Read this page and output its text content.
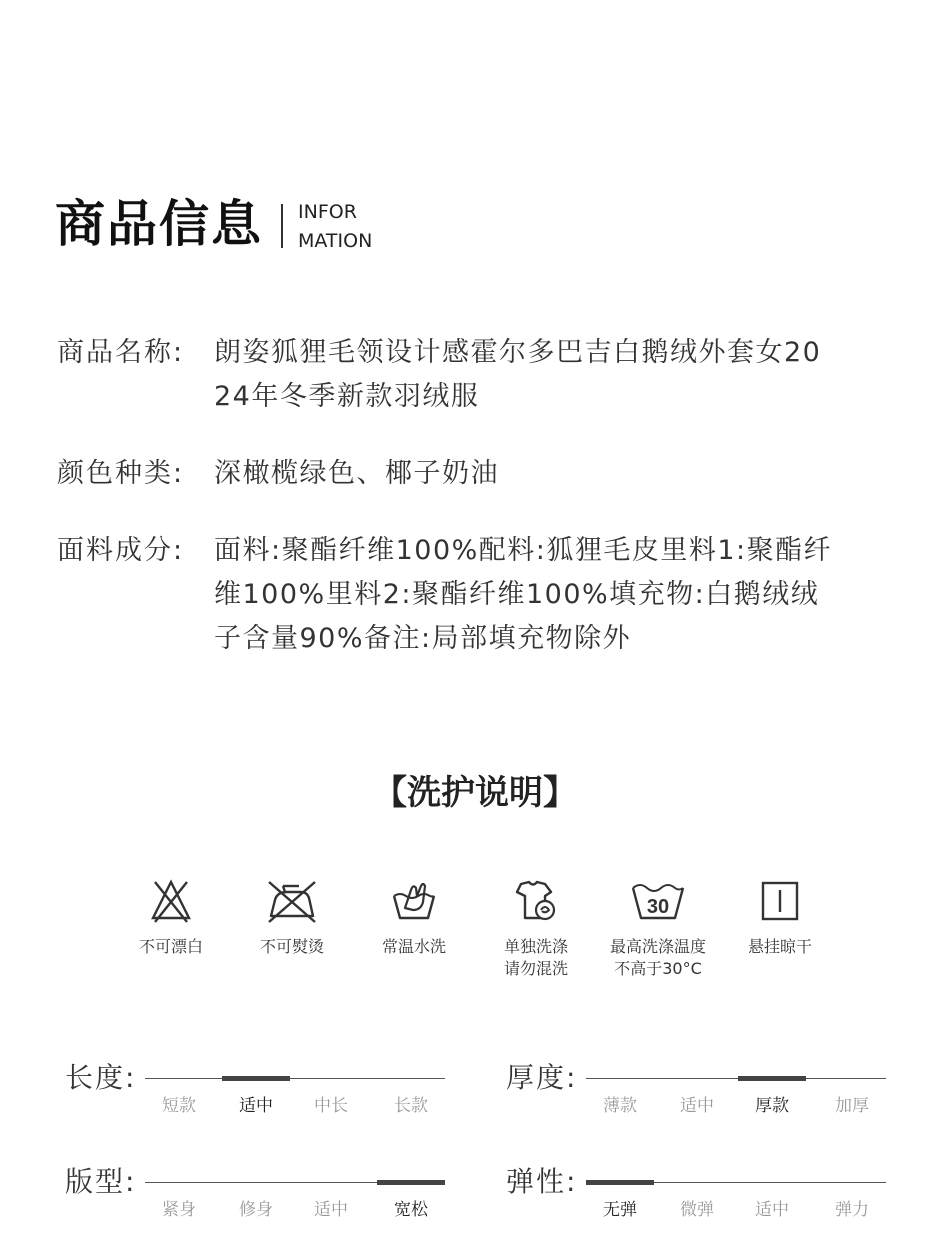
商品信息 INFOR
MATION
商品名称: 朗姿狐狸毛领设计感霍尔多巴吉白鹅绒外套女20
24年冬季新款羽绒服
颜色种类: 深橄榄绿色、椰子奶油
面料成分: 面料:聚酯纤维100%配料:狐狸毛皮里料1:聚酯纤
维100%里料2:聚酯纤维100%填充物:白鹅绒绒
子含量90%备注:局部填充物除外
【洗护说明】
不可漂白	不可熨烫	常温水洗	单独洗涤
请勿混洗
30
最高洗涤温度
不高于30°C
悬挂晾干
长度:
短款	适中	中长	长款
厚度:
薄款	适中	厚款	加厚
版型:
紧身	修身	适中	宽松
弹性:
无弹	微弹	适中	弹力
